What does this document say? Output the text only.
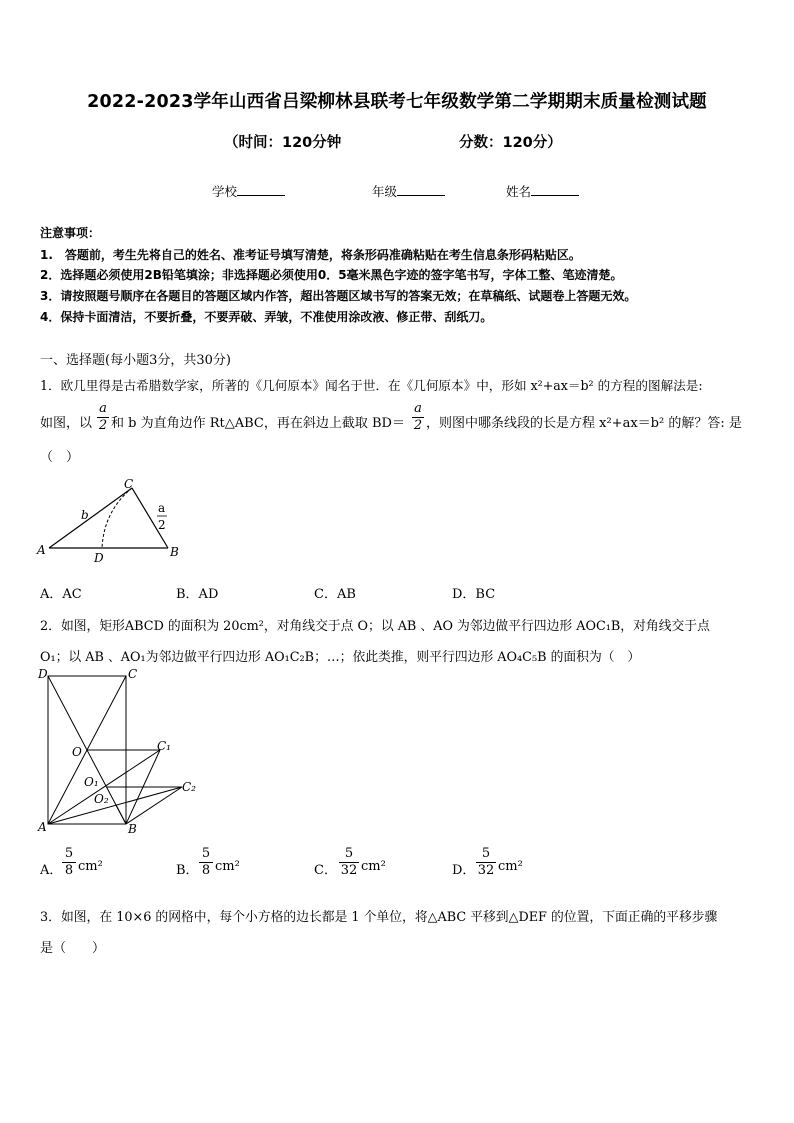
2022-2023学年山西省吕梁柳林县联考七年级数学第二学期期末质量检测试题
（时间：120分钟	分数：120分）
学校	年级	姓名
注意事项：
1.　答题前，考生先将自己的姓名、准考证号填写清楚，将条形码准确粘贴在考生信息条形码粘贴区。
2．选择题必须使用2B铅笔填涂；非选择题必须使用0．5毫米黑色字迹的签字笔书写，字体工整、笔迹清楚。
3．请按照题号顺序在各题目的答题区域内作答，超出答题区域书写的答案无效；在草稿纸、试题卷上答题无效。
4．保持卡面清洁，不要折叠，不要弄破、弄皱，不准使用涂改液、修正带、刮纸刀。
一、选择题(每小题3分，共30分)
1．欧几里得是古希腊数学家，所著的《几何原本》闻名于世．在《几何原本》中，形如 x²+ax＝b² 的方程的图解法是:
如图，以
a
2 和 b 为直角边作 Rt△ABC，再在斜边上截取 BD＝
a
2 ，则图中哪条线段的长是方程 x²+ax＝b² 的解？答: 是
（　）
A	B
C
D
b	a
2
A．AC	B．AD	C．AB	D．BC
2．如图，矩形ABCD 的面积为 20cm²，对角线交于点 O；以 AB 、AO 为邻边做平行四边形 AOC₁B，对角线交于点
O₁；以 AB 、AO₁为邻边做平行四边形 AO₁C₂B；…；依此类推，则平行四边形 AO₄C₅B 的面积为（　）
D	C
O	C₁
O₁
O₂
C₂
A	B
A．
5
8 cm²	B．
5
8 cm²	C．
5
32 cm²	D．
5
32 cm²
3．如图，在 10×6 的网格中，每个小方格的边长都是 1 个单位，将△ABC 平移到△DEF 的位置，下面正确的平移步骤
是（　　）
